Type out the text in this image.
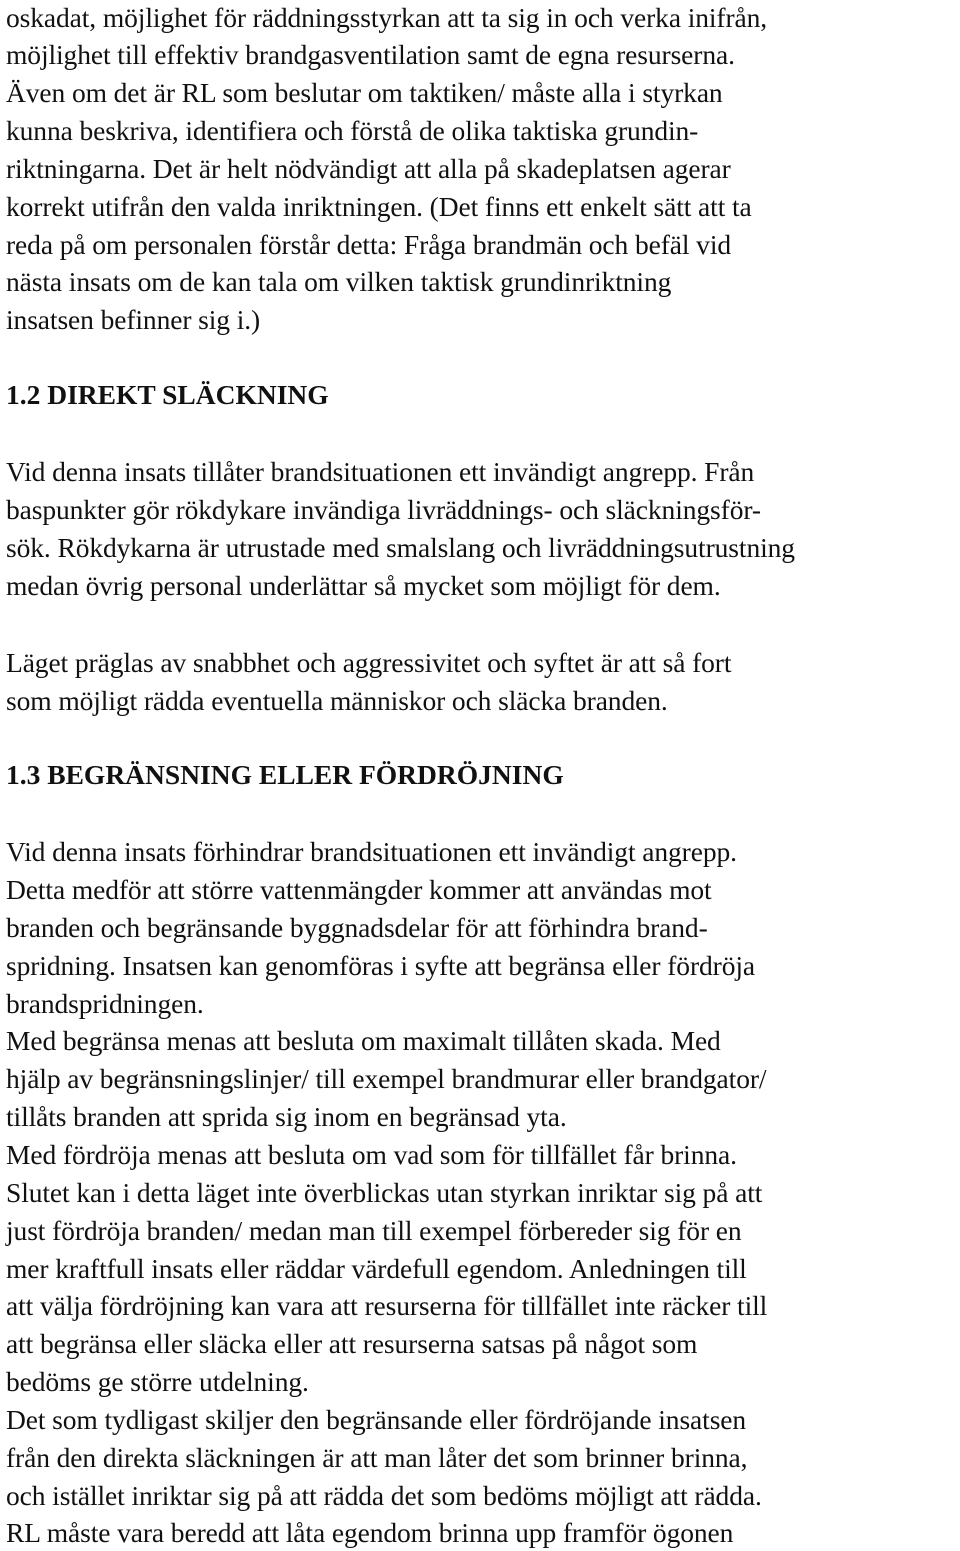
oskadat, möjlighet för räddningsstyrkan att ta sig in och verka inifrån,
möjlighet till effektiv brandgasventilation samt de egna resurserna.
Även om det är RL som beslutar om taktiken/ måste alla i styrkan
kunna beskriva, identifiera och förstå de olika taktiska grundin-
riktningarna. Det är helt nödvändigt att alla på skadeplatsen agerar
korrekt utifrån den valda inriktningen. (Det finns ett enkelt sätt att ta
reda på om personalen förstår detta: Fråga brandmän och befäl vid
nästa insats om de kan tala om vilken taktisk grundinriktning
insatsen befinner sig i.)
1.2 DIREKT SLÄCKNING
Vid denna insats tillåter brandsituationen ett invändigt angrepp. Från
baspunkter gör rökdykare invändiga livräddnings- och släckningsför-
sök. Rökdykarna är utrustade med smalslang och livräddningsutrustning
medan övrig personal underlättar så mycket som möjligt för dem.
Läget präglas av snabbhet och aggressivitet och syftet är att så fort
som möjligt rädda eventuella människor och släcka branden.
1.3 BEGRÄNSNING ELLER FÖRDRÖJNING
Vid denna insats förhindrar brandsituationen ett invändigt angrepp.
Detta medför att större vattenmängder kommer att användas mot
branden och begränsande byggnadsdelar för att förhindra brand-
spridning. Insatsen kan genomföras i syfte att begränsa eller fördröja
brandspridningen.
Med begränsa menas att besluta om maximalt tillåten skada. Med
hjälp av begränsningslinjer/ till exempel brandmurar eller brandgator/
tillåts branden att sprida sig inom en begränsad yta.
Med fördröja menas att besluta om vad som för tillfället får brinna.
Slutet kan i detta läget inte överblickas utan styrkan inriktar sig på att
just fördröja branden/ medan man till exempel förbereder sig för en
mer kraftfull insats eller räddar värdefull egendom. Anledningen till
att välja fördröjning kan vara att resurserna för tillfället inte räcker till
att begränsa eller släcka eller att resurserna satsas på något som
bedöms ge större utdelning.
Det som tydligast skiljer den begränsande eller fördröjande insatsen
från den direkta släckningen är att man låter det som brinner brinna,
och istället inriktar sig på att rädda det som bedöms möjligt att rädda.
RL måste vara beredd att låta egendom brinna upp framför ögonen
